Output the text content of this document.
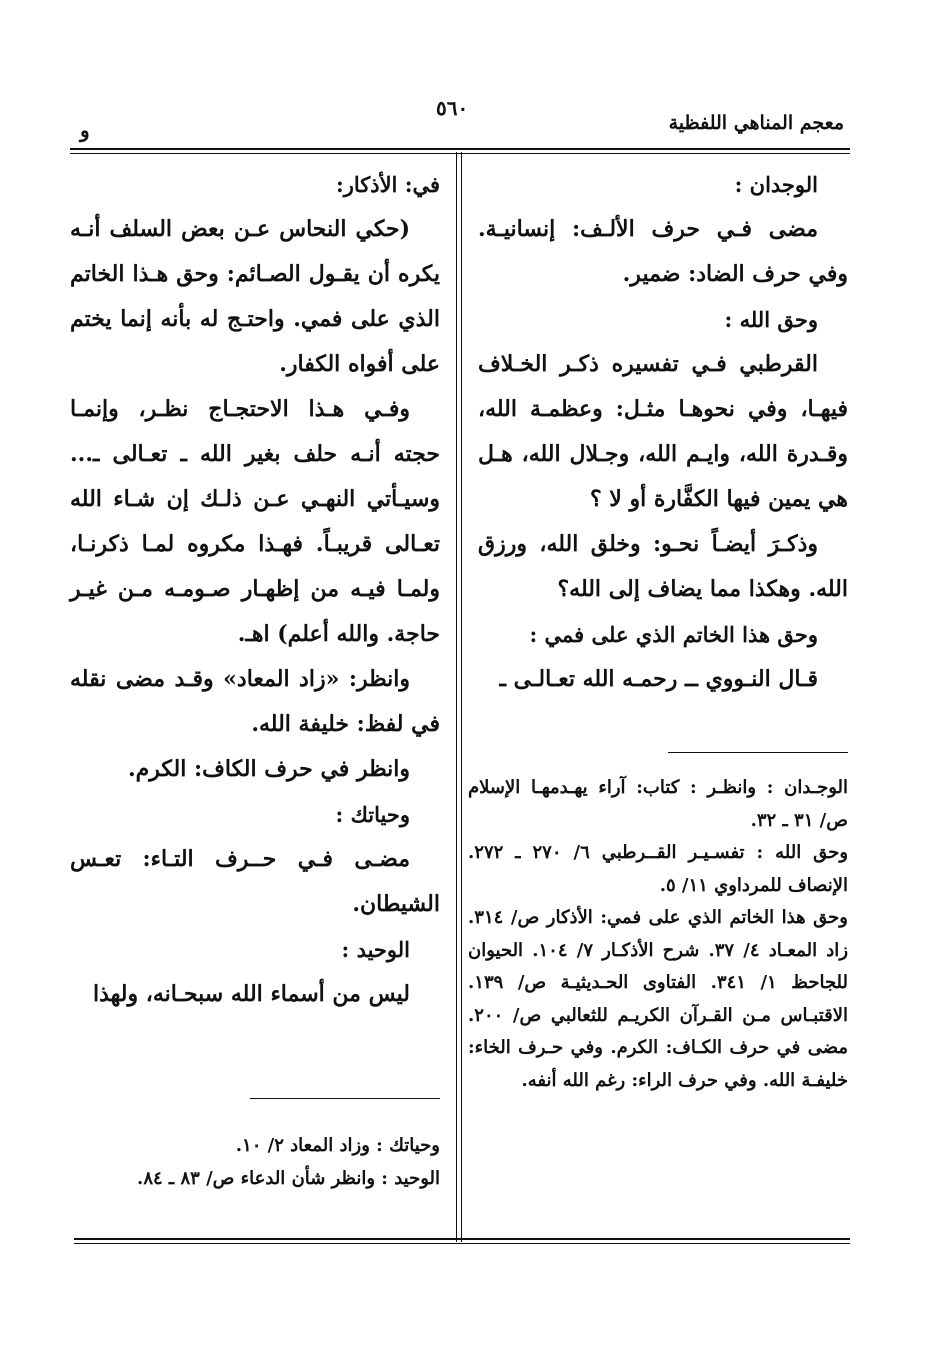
معجم المناهي اللفظية
٥٦٠
و

الوجدان :

مضى فـي حرف الألـف: إنسانيـة. وفي حرف الضاد: ضمير.

وحق الله :

القرطبي فـي تفسيره ذكـر الخـلاف فيهـا، وفي نحوهـا مثـل: وعظمـة الله، وقـدرة الله، وايـم الله، وجـلال الله، هـل هي يمين فيها الكفَّارة أو لا ؟

وذكـرَ أيضـاً نحـو: وخلق الله، ورزق الله. وهكذا مما يضاف إلى الله؟

وحق هذا الخاتم الذي على فمي :

قـال النـووي ــ رحمـه الله تعـالـى ـ

الوجـدان : وانظـر : كتاب: آراء يهـدمهـا الإسلام ص/ ٣١ ـ ٣٢.

وحق الله : تفسـيـر القــرطبي ٦/ ٢٧٠ ـ ٢٧٢. الإنصاف للمرداوي ١١/ ٥.

وحق هذا الخاتم الذي على فمي: الأذكار ص/ ٣١٤. زاد المعـاد ٤/ ٣٧. شرح الأذكـار ٧/ ١٠٤. الحيوان للجاحظ ١/ ٣٤١. الفتاوى الحـديثيـة ص/ ١٣٩. الاقتبـاس مـن القـرآن الكريـم للثعالبي ص/ ٢٠٠. مضى في حرف الكـاف: الكرم. وفي حـرف الخاء: خليفـة الله. وفي حرف الراء: رغم الله أنفه.

في: الأذكار:

(حكي النحاس عـن بعض السلف أنـه يكره أن يقـول الصـائم: وحق هـذا الخاتم الذي على فمي. واحتـج له بأنه إنما يختم على أفواه الكفار.

وفـي هـذا الاحتجـاج نظـر، وإنمـا حجته أنـه حلف بغير الله ـ تعـالى ـ... وسيـأتي النهـي عـن ذلـك إن شـاء الله تعـالى قريبـاً. فهـذا مكروه لمـا ذكرنـا، ولمـا فيـه من إظهـار صـومـه مـن غيـر حاجة. والله أعلم) اهـ.

وانظر: «زاد المعاد» وقـد مضى نقله في لفظ: خليفة الله.

وانظر في حرف الكاف: الكرم.

وحياتك :

مضـى فـي حــرف التـاء: تعـس الشيطان.

الوحيد :

ليس من أسماء الله سبحـانه، ولهذا

وحياتك : وزاد المعاد ٢/ ١٠.

الوحيد : وانظر شأن الدعاء ص/ ٨٣ ـ ٨٤.
